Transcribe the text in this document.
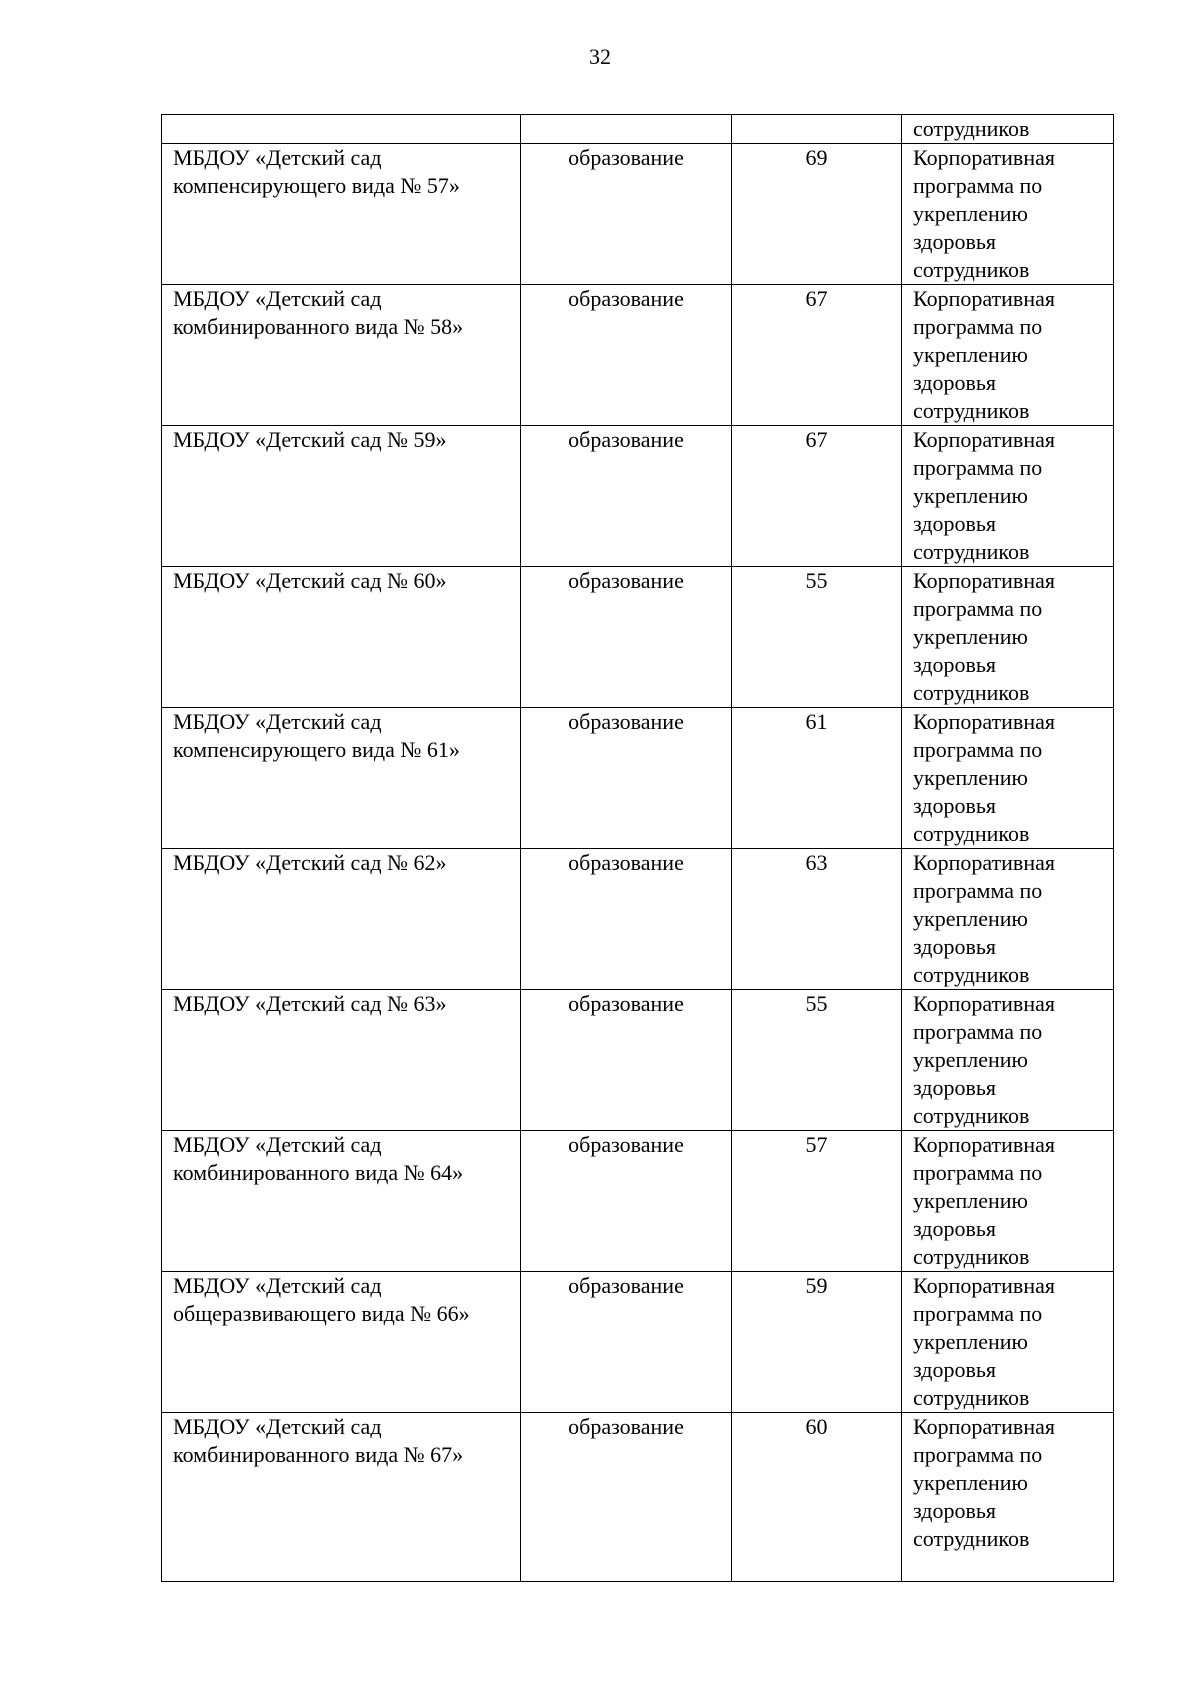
32
			сотрудников
МБДОУ «Детский сад компенсирующего вида № 57»	образование	69	Корпоративная программа по укреплению здоровья сотрудников
МБДОУ «Детский сад комбинированного вида № 58»	образование	67	Корпоративная программа по укреплению здоровья сотрудников
МБДОУ «Детский сад № 59»	образование	67	Корпоративная программа по укреплению здоровья сотрудников
МБДОУ «Детский сад № 60»	образование	55	Корпоративная программа по укреплению здоровья сотрудников
МБДОУ «Детский сад компенсирующего вида № 61»	образование	61	Корпоративная программа по укреплению здоровья сотрудников
МБДОУ «Детский сад № 62»	образование	63	Корпоративная программа по укреплению здоровья сотрудников
МБДОУ «Детский сад № 63»	образование	55	Корпоративная программа по укреплению здоровья сотрудников
МБДОУ «Детский сад комбинированного вида № 64»	образование	57	Корпоративная программа по укреплению здоровья сотрудников
МБДОУ «Детский сад общеразвивающего вида № 66»	образование	59	Корпоративная программа по укреплению здоровья сотрудников
МБДОУ «Детский сад комбинированного вида № 67»	образование	60	Корпоративная программа по укреплению здоровья сотрудников
